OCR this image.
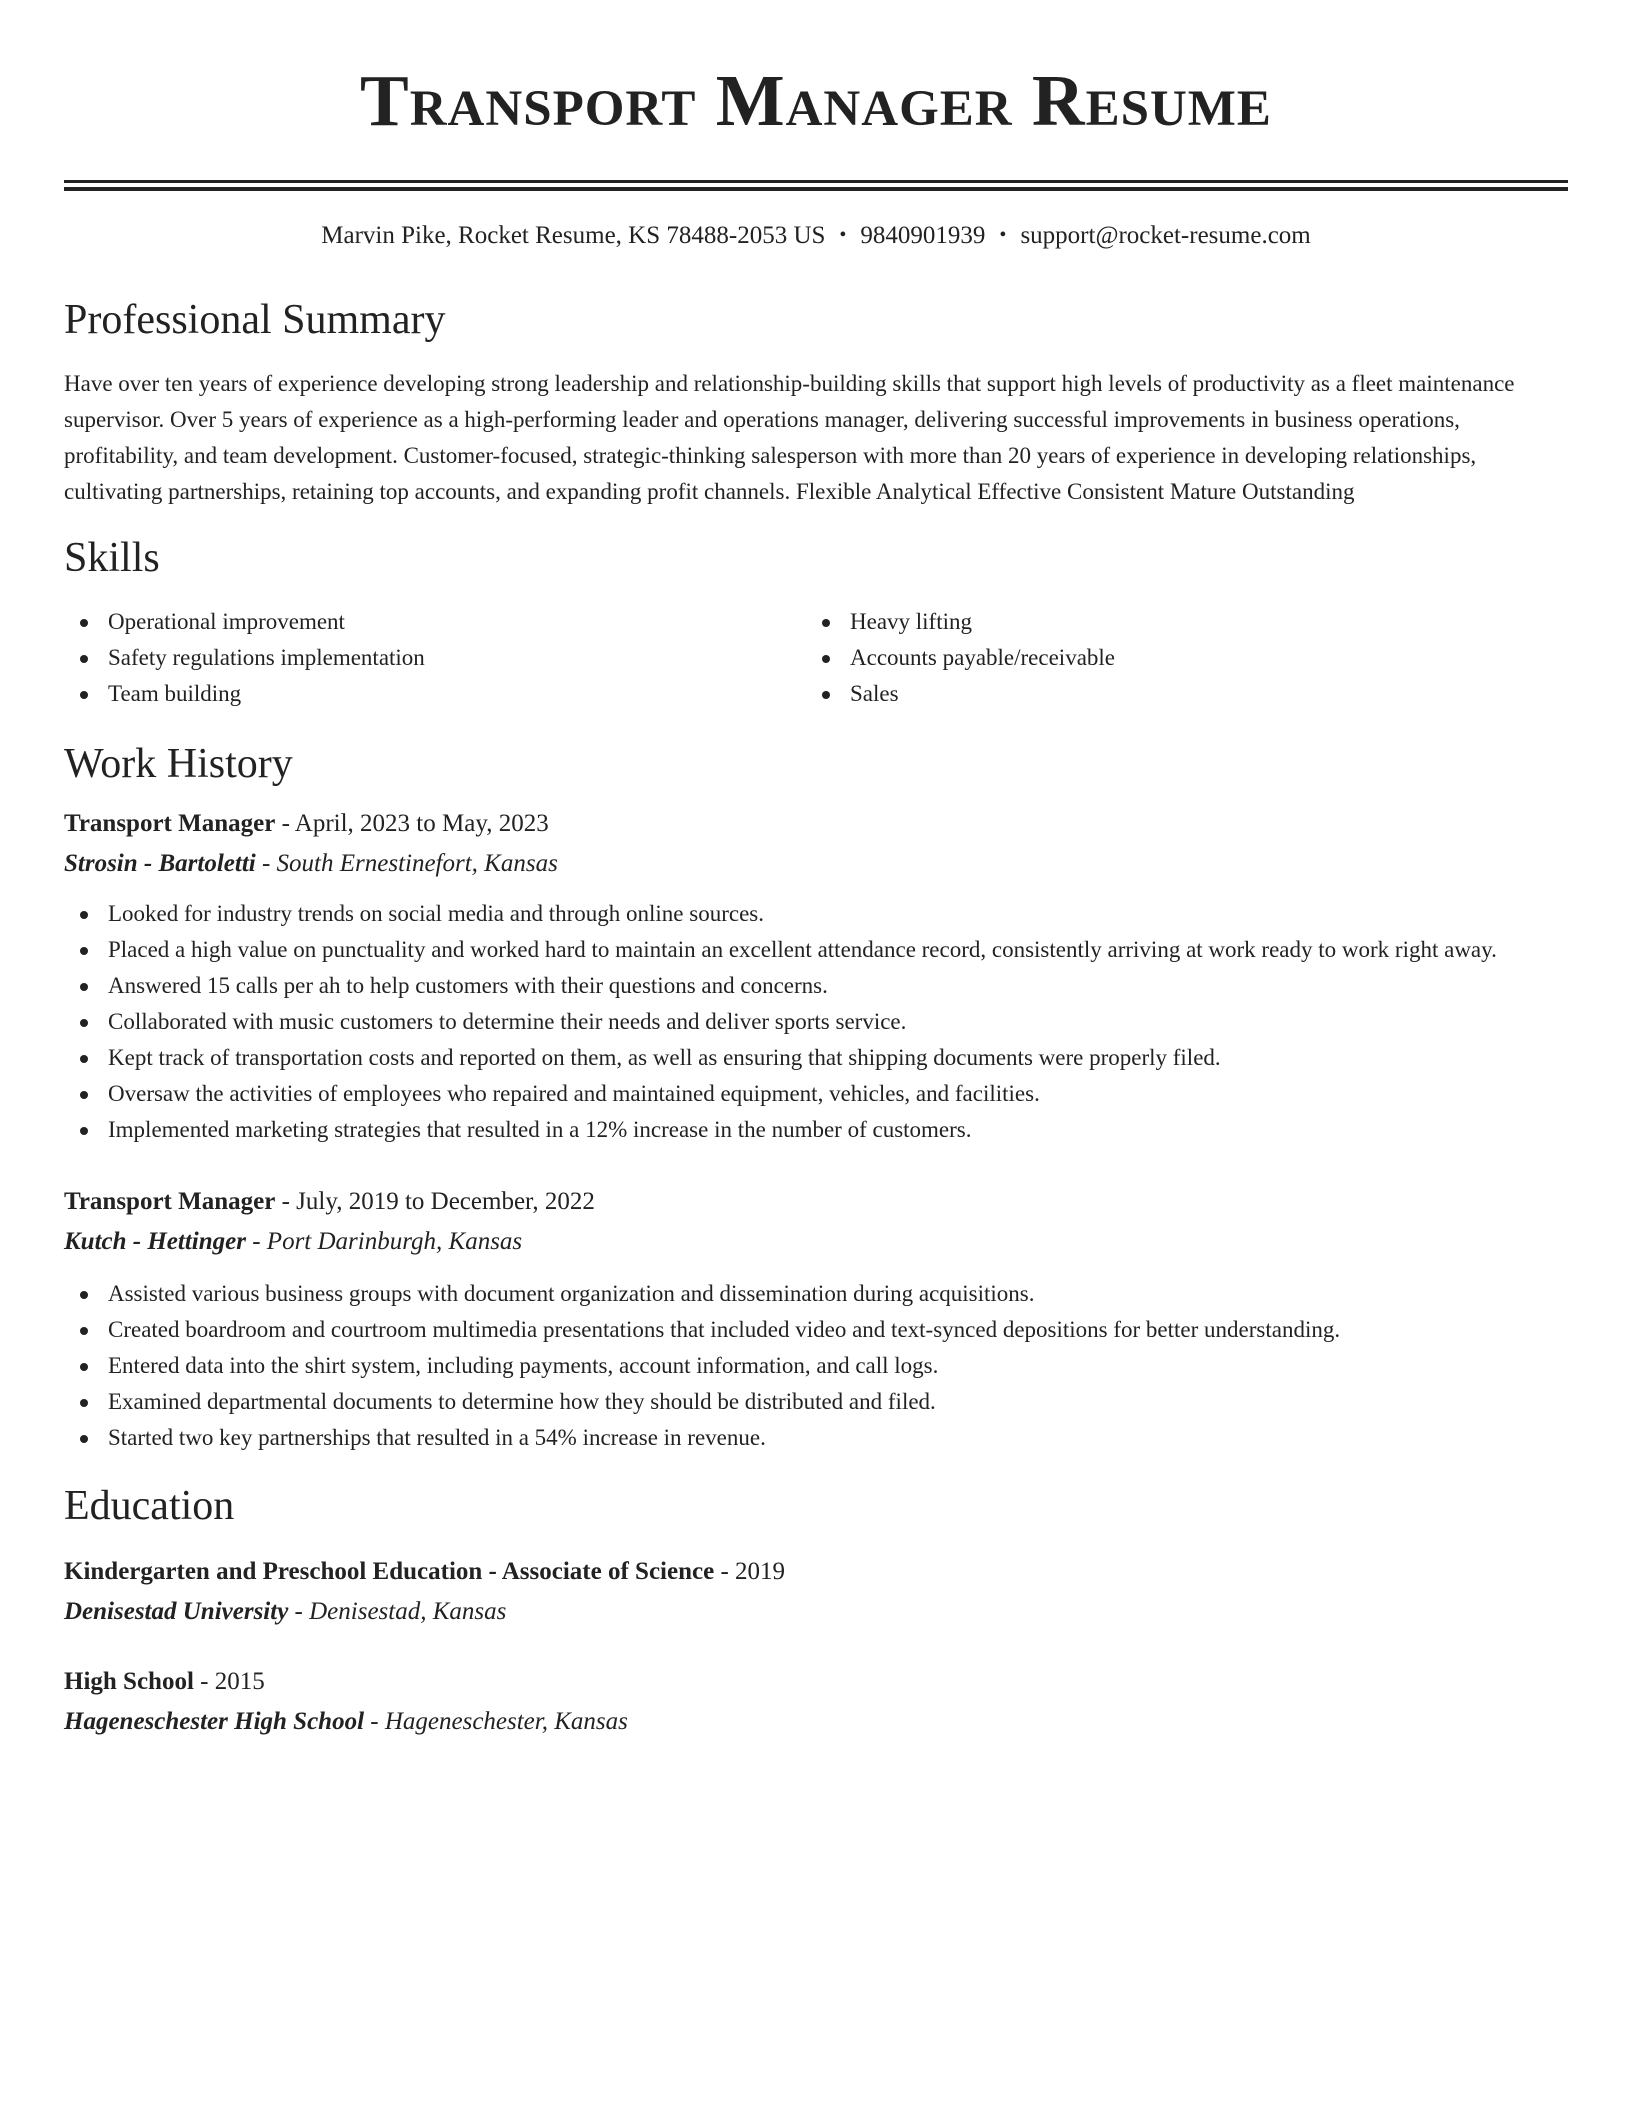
Transport Manager Resume
Marvin Pike, Rocket Resume, KS 78488-2053 US • 9840901939 • support@rocket-resume.com
Professional Summary

Have over ten years of experience developing strong leadership and relationship-building skills that support high levels of productivity as a fleet maintenance supervisor. Over 5 years of experience as a high-performing leader and operations manager, delivering successful improvements in business operations, profitability, and team development. Customer-focused, strategic-thinking salesperson with more than 20 years of experience in developing relationships, cultivating partnerships, retaining top accounts, and expanding profit channels. Flexible Analytical Effective Consistent Mature Outstanding

Skills
Operational improvement
Safety regulations implementation
Team building
Heavy lifting
Accounts payable/receivable
Sales
Work History
Transport Manager - April, 2023 to May, 2023
Strosin - Bartoletti - South Ernestinefort, Kansas
Looked for industry trends on social media and through online sources.
Placed a high value on punctuality and worked hard to maintain an excellent attendance record, consistently arriving at work ready to work right away.
Answered 15 calls per ah to help customers with their questions and concerns.
Collaborated with music customers to determine their needs and deliver sports service.
Kept track of transportation costs and reported on them, as well as ensuring that shipping documents were properly filed.
Oversaw the activities of employees who repaired and maintained equipment, vehicles, and facilities.
Implemented marketing strategies that resulted in a 12% increase in the number of customers.
Transport Manager - July, 2019 to December, 2022
Kutch - Hettinger - Port Darinburgh, Kansas
Assisted various business groups with document organization and dissemination during acquisitions.
Created boardroom and courtroom multimedia presentations that included video and text-synced depositions for better understanding.
Entered data into the shirt system, including payments, account information, and call logs.
Examined departmental documents to determine how they should be distributed and filed.
Started two key partnerships that resulted in a 54% increase in revenue.
Education
Kindergarten and Preschool Education - Associate of Science - 2019
Denisestad University - Denisestad, Kansas
High School - 2015
Hageneschester High School - Hageneschester, Kansas
